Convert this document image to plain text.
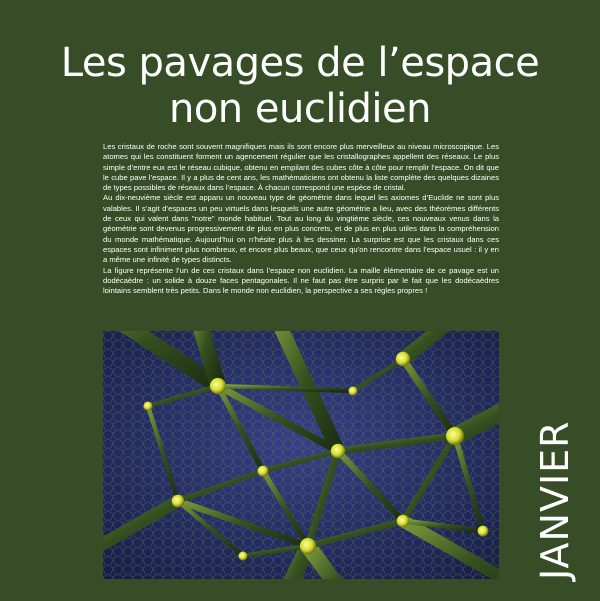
Les pavages de l’espace
non euclidien

Les cristaux de roche sont souvent magnifiques mais ils sont encore plus merveilleux au niveau microscopique. Les atomes qui les constituent forment un agencement régulier que les cristallographes appellent des réseaux. Le plus simple d’entre eux est le réseau cubique, obtenu en empilant des cubes côte à côte pour remplir l’espace. On dit que le cube pave l’espace. Il y a plus de cent ans, les mathématiciens ont obtenu la liste complète des quelques dizaines de types possibles de réseaux dans l’espace. À chacun correspond une espèce de cristal.

Au dix-neuvième siècle est apparu un nouveau type de géométrie dans lequel les axiomes d’Euclide ne sont plus valables. Il s’agit d’espaces un peu virtuels dans lesquels une autre géométrie a lieu, avec des théorèmes différents de ceux qui valent dans "notre" monde habituel. Tout au long du vingtième siècle, ces nouveaux venus dans la géométrie sont devenus progressivement de plus en plus concrets, et de plus en plus utiles dans la compréhension du monde mathématique. Aujourd’hui on n’hésite plus à les dessiner. La surprise est que les cristaux dans ces espaces sont infiniment plus nombreux, et encore plus beaux, que ceux qu’on rencontre dans l’espace usuel : il y en a même une infinité de types distincts.

La figure représente l’un de ces cristaux dans l’espace non euclidien. La maille élémentaire de ce pavage est un dodécaèdre : un solide à douze faces pentagonales. Il ne faut pas être surpris par le fait que les dodécaèdres lointains semblent très petits. Dans le monde non euclidien, la perspective a ses règles propres !

JANVIER
